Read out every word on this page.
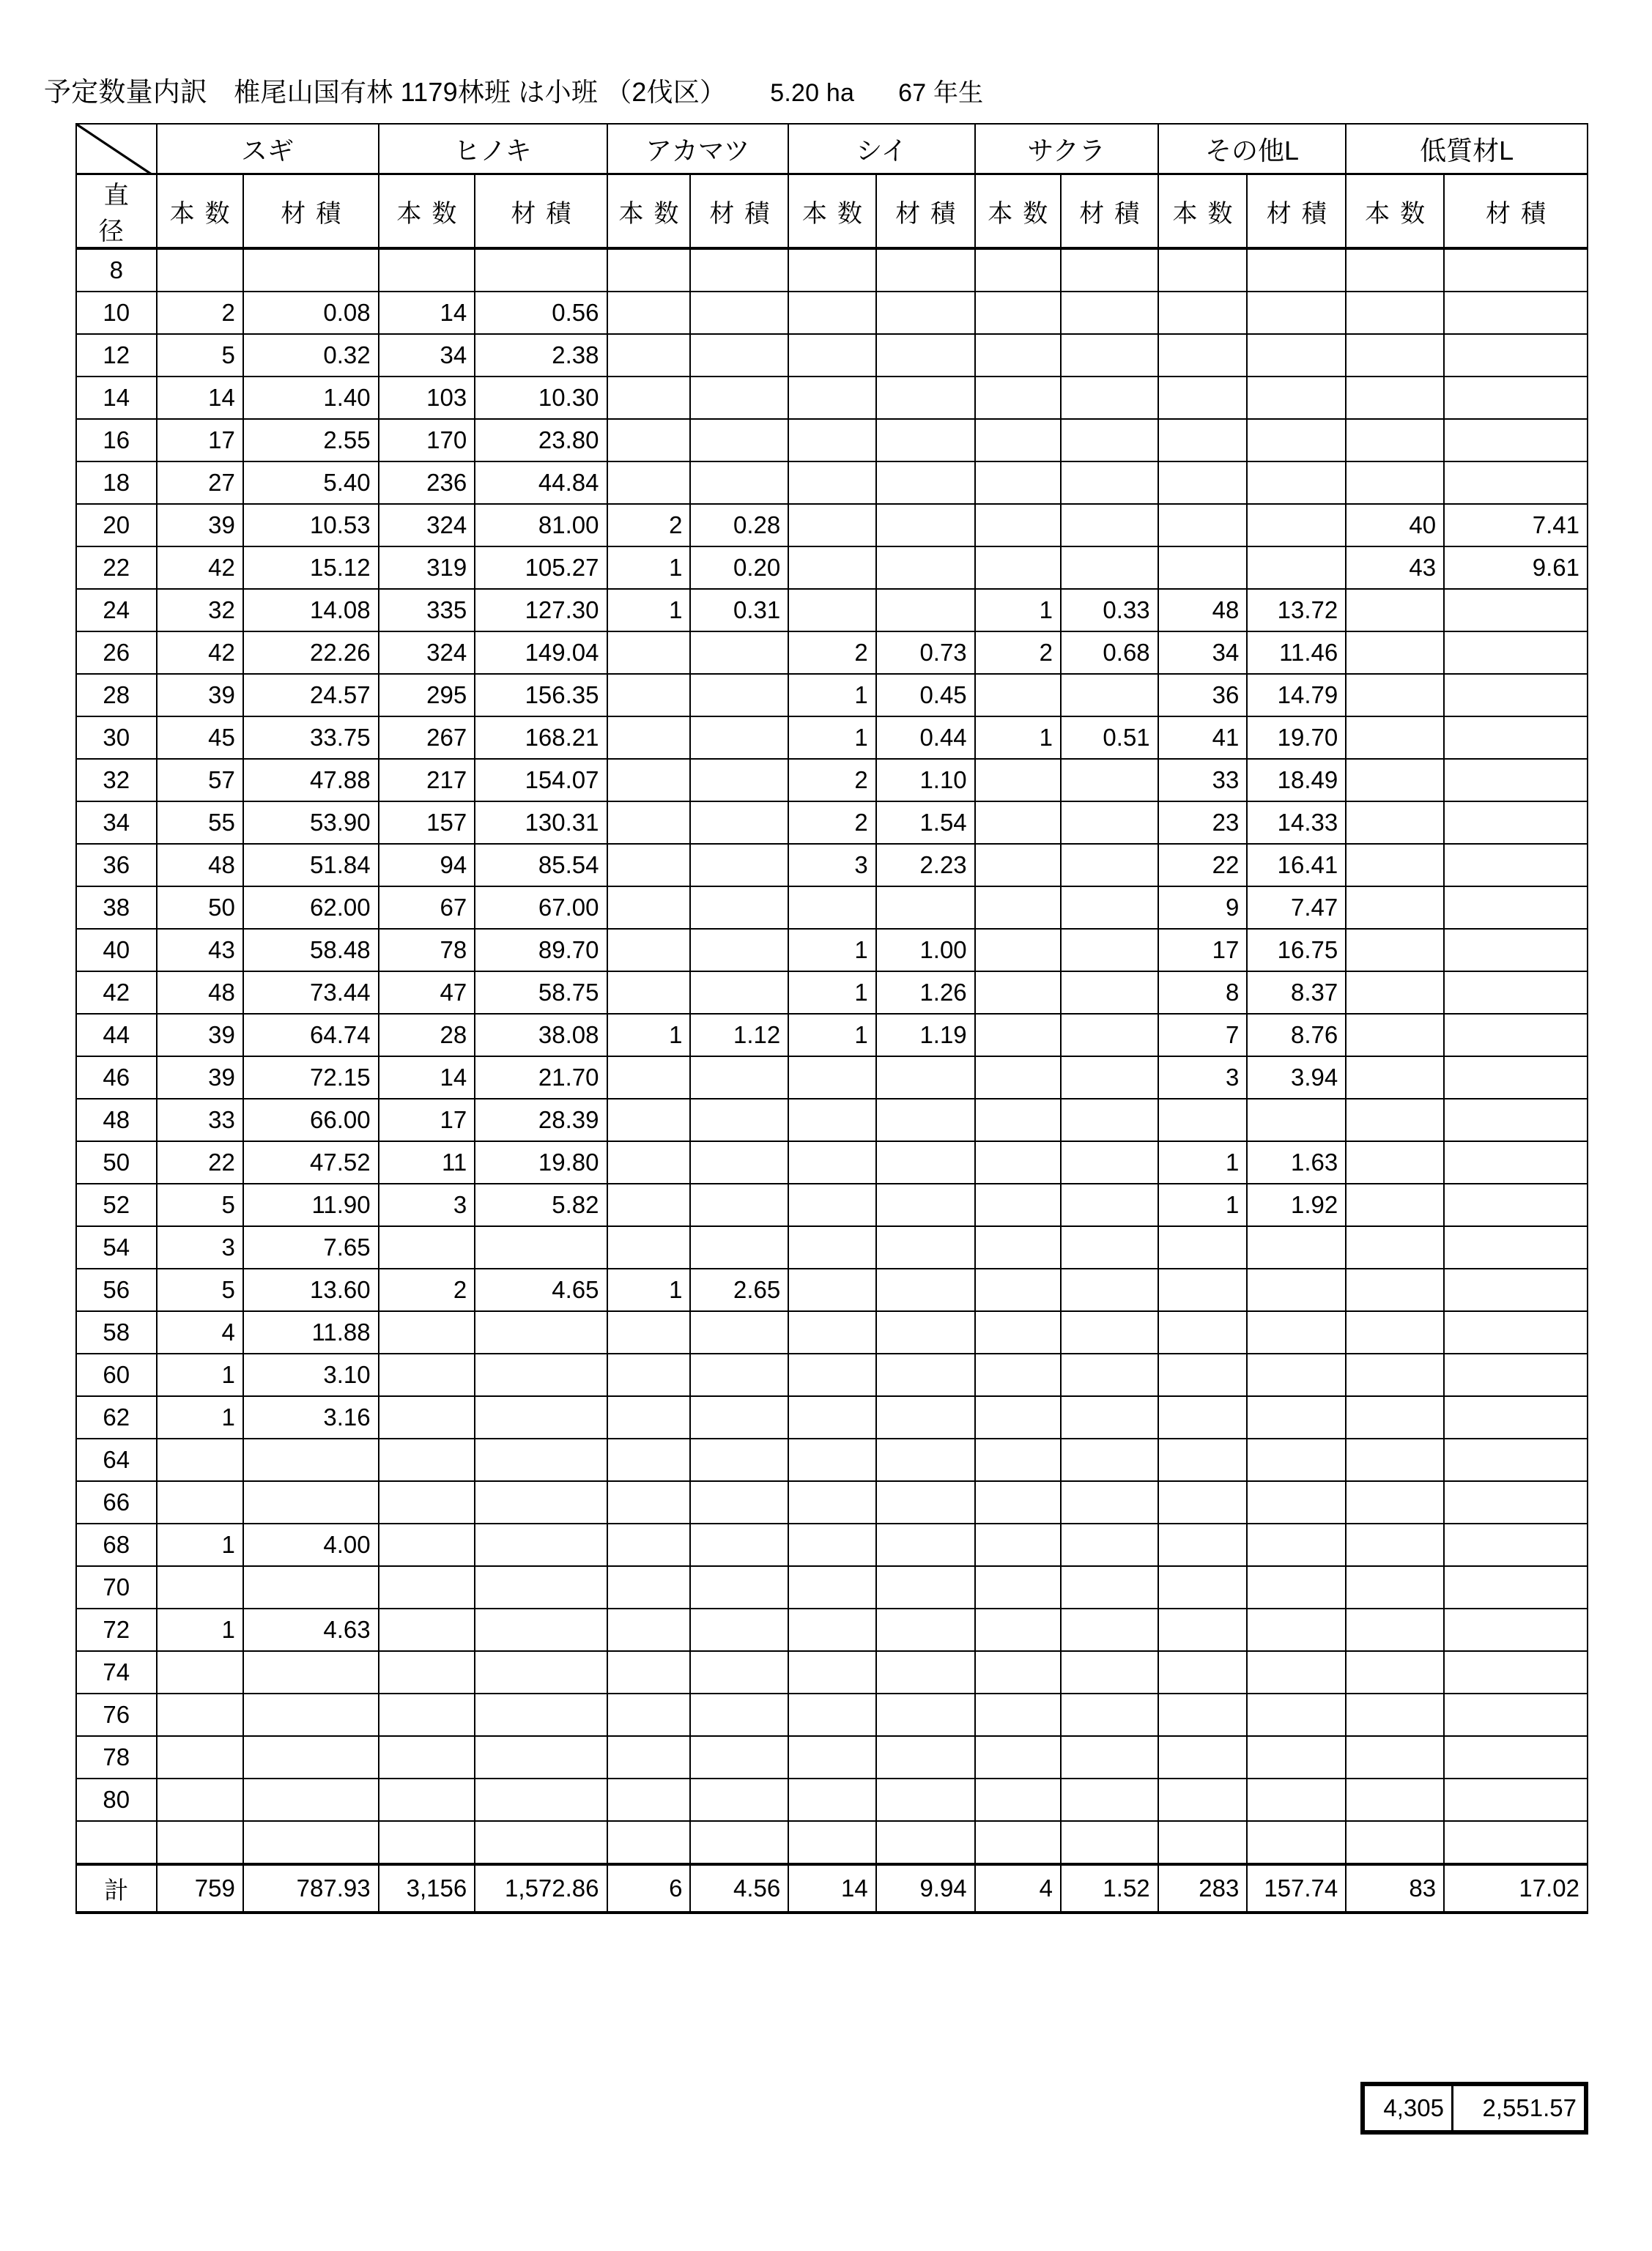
予定数量内訳 椎尾山国有林 1179林班 は小班 （2伐区） 5.20 ha 67 年生
	スギ		ヒノキ		アカマツ		シイ		サクラ		その他L		低質材L	
直径	本数	材積	本数	材積	本数	材積	本数	材積	本数	材積	本数	材積	本数	材積
8														
10	2	0.08	14	0.56										
12	5	0.32	34	2.38										
14	14	1.40	103	10.30										
16	17	2.55	170	23.80										
18	27	5.40	236	44.84										
20	39	10.53	324	81.00	2	0.28							40	7.41
22	42	15.12	319	105.27	1	0.20							43	9.61
24	32	14.08	335	127.30	1	0.31			1	0.33	48	13.72		
26	42	22.26	324	149.04			2	0.73	2	0.68	34	11.46		
28	39	24.57	295	156.35			1	0.45			36	14.79		
30	45	33.75	267	168.21			1	0.44	1	0.51	41	19.70		
32	57	47.88	217	154.07			2	1.10			33	18.49		
34	55	53.90	157	130.31			2	1.54			23	14.33		
36	48	51.84	94	85.54			3	2.23			22	16.41		
38	50	62.00	67	67.00							9	7.47		
40	43	58.48	78	89.70			1	1.00			17	16.75		
42	48	73.44	47	58.75			1	1.26			8	8.37		
44	39	64.74	28	38.08	1	1.12	1	1.19			7	8.76		
46	39	72.15	14	21.70							3	3.94		
48	33	66.00	17	28.39										
50	22	47.52	11	19.80							1	1.63		
52	5	11.90	3	5.82							1	1.92		
54	3	7.65												
56	5	13.60	2	4.65	1	2.65								
58	4	11.88												
60	1	3.10												
62	1	3.16												
64														
66														
68	1	4.00												
70														
72	1	4.63												
74														
76														
78														
80														

計	759	787.93	3,156	1,572.86	6	4.56	14	9.94	4	1.52	283	157.74	83	17.02
4,305	2,551.57
